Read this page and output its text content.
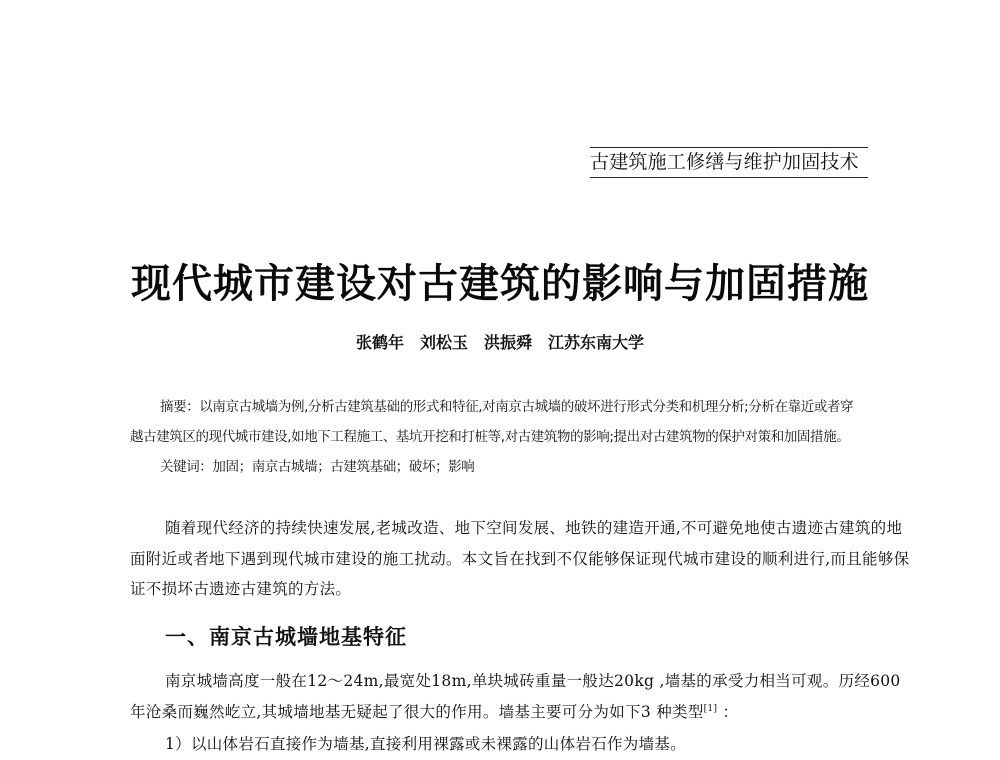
古建筑施工修缮与维护加固技术
现代城市建设对古建筑的影响与加固措施
张鹤年　刘松玉　洪振舜　江苏东南大学
摘要：以南京古城墙为例,分析古建筑基础的形式和特征,对南京古城墙的破坏进行形式分类和机理分析;分析在靠近或者穿
越古建筑区的现代城市建设,如地下工程施工、基坑开挖和打桩等,对古建筑物的影响;提出对古建筑物的保护对策和加固措施。
关键词：加固；南京古城墙；古建筑基础；破坏；影响
随着现代经济的持续快速发展,老城改造、地下空间发展、地铁的建造开通,不可避免地使古遗迹古建筑的地
面附近或者地下遇到现代城市建设的施工扰动。本文旨在找到不仅能够保证现代城市建设的顺利进行,而且能够保
证不损坏古遗迹古建筑的方法。
一、南京古城墙地基特征
南京城墙高度一般在12～24m,最宽处18m,单块城砖重量一般达20kg ,墙基的承受力相当可观。历经600
年沧桑而巍然屹立,其城墙地基无疑起了很大的作用。墙基主要可分为如下3 种类型[1] ：
1）以山体岩石直接作为墙基,直接利用裸露或未裸露的山体岩石作为墙基。
